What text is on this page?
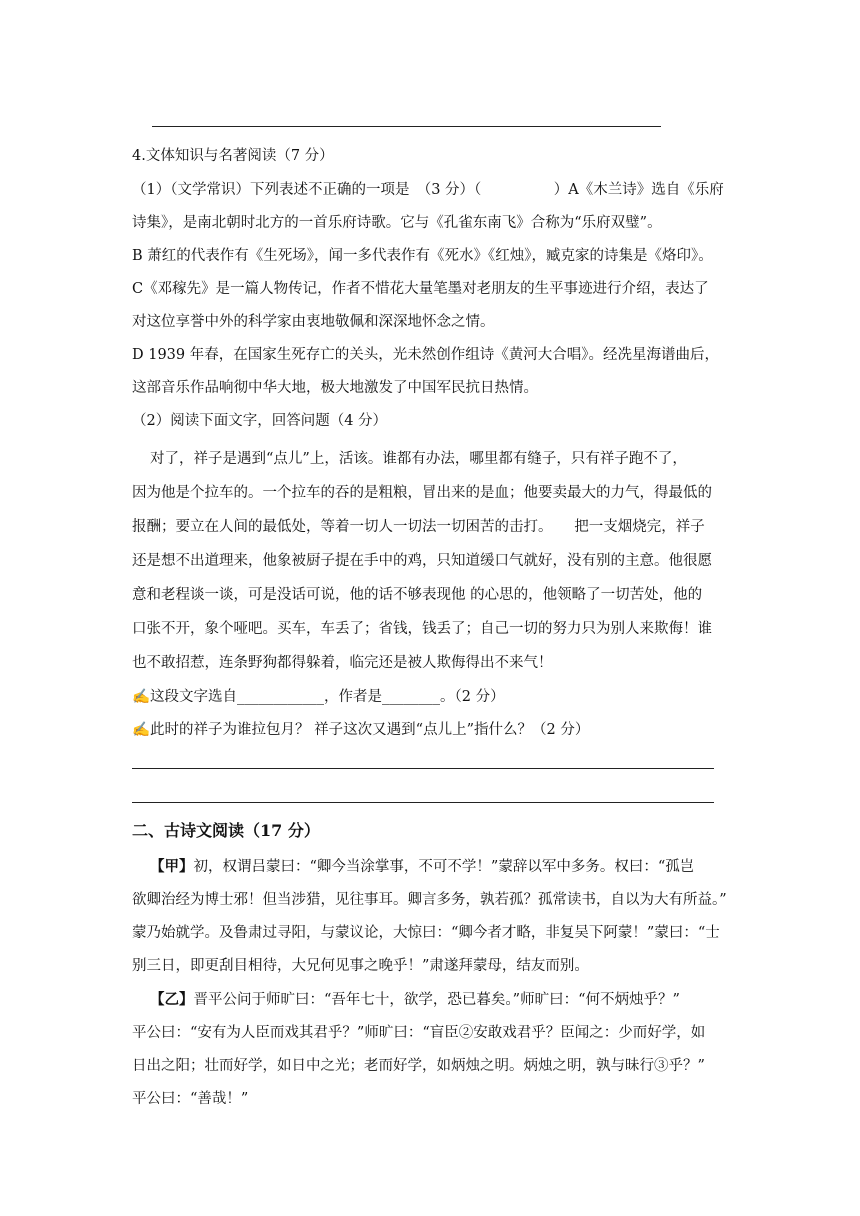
4.文体知识与名著阅读（7 分）
（1）（文学常识）下列表述不正确的一项是　（3 分）（　　　　　）A《木兰诗》选自《乐府
诗集》，是南北朝时北方的一首乐府诗歌。它与《孔雀东南飞》合称为“乐府双璧”。
B 萧红的代表作有《生死场》，闻一多代表作有《死水》《红烛》，臧克家的诗集是《烙印》。
C《邓稼先》是一篇人物传记，作者不惜花大量笔墨对老朋友的生平事迹进行介绍，表达了
对这位享誉中外的科学家由衷地敬佩和深深地怀念之情。
D 1939 年春，在国家生死存亡的关头，光未然创作组诗《黄河大合唱》。经冼星海谱曲后，
这部音乐作品响彻中华大地，极大地激发了中国军民抗日热情。
（2）阅读下面文字，回答问题（4 分）
对了，祥子是遇到“点儿”上，活该。谁都有办法，哪里都有缝子，只有祥子跑不了，
因为他是个拉车的。一个拉车的吞的是粗粮，冒出来的是血；他要卖最大的力气，得最低的
报酬；要立在人间的最低处，等着一切人一切法一切困苦的击打。　　把一支烟烧完，祥子
还是想不出道理来，他象被厨子提在手中的鸡，只知道缓口气就好，没有别的主意。他很愿
意和老程谈一谈，可是没话可说，他的话不够表现他 的心思的，他领略了一切苦处，他的
口张不开，象个哑吧。买车，车丢了；省钱，钱丢了；自己一切的努力只为别人来欺侮！谁
也不敢招惹，连条野狗都得躲着，临完还是被人欺侮得出不来气！
✍这段文字选自____________，作者是________。（2 分）
✍此时的祥子为谁拉包月？ 祥子这次又遇到“点儿上”指什么？（2 分）
二、古诗文阅读（17 分）
【甲】初，权谓吕蒙曰：“卿今当涂掌事，不可不学！”蒙辞以军中多务。权曰：“孤岂
欲卿治经为博士邪！但当涉猎，见往事耳。卿言多务，孰若孤？孤常读书，自以为大有所益。”
蒙乃始就学。及鲁肃过寻阳，与蒙议论，大惊曰：“卿今者才略，非复吴下阿蒙！”蒙曰：“士
别三日，即更刮目相待，大兄何见事之晚乎！”肃遂拜蒙母，结友而别。
【乙】晋平公问于师旷曰：“吾年七十，欲学，恐已暮矣。”师旷曰：“何不炳烛乎？”
平公曰：“安有为人臣而戏其君乎？”师旷曰：“盲臣②安敢戏君乎？臣闻之：少而好学，如
日出之阳；壮而好学，如日中之光；老而好学，如炳烛之明。炳烛之明，孰与昧行③乎？”
平公曰：“善哉！”
